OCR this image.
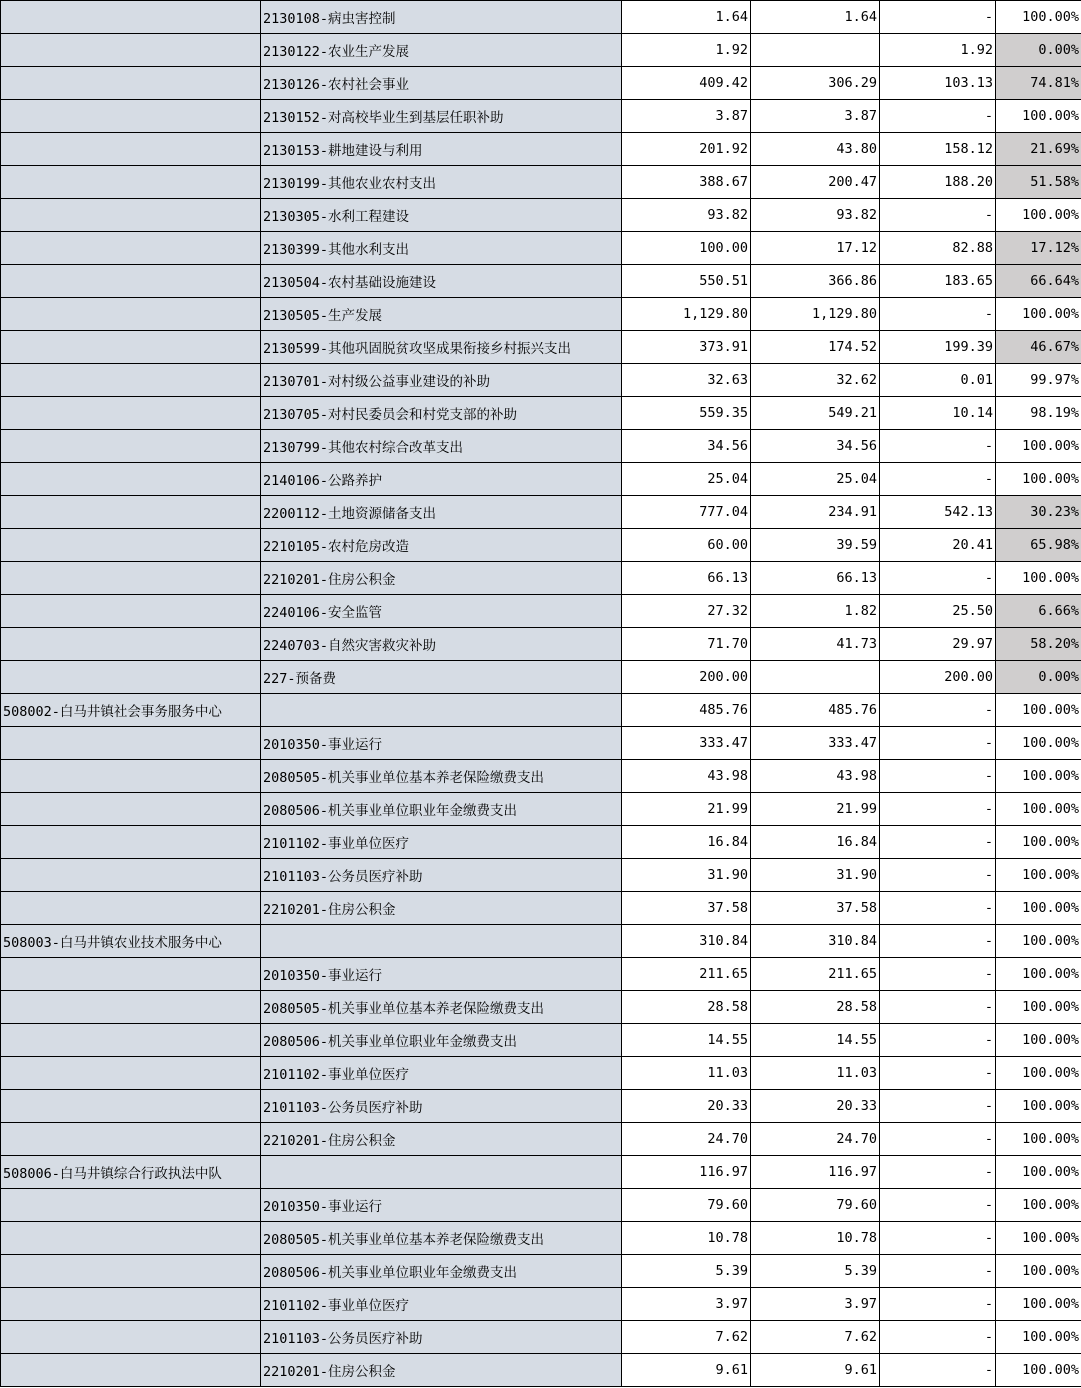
	2130108-病虫害控制	1.64	1.64	-	100.00%
	2130122-农业生产发展	1.92		1.92	0.00%
	2130126-农村社会事业	409.42	306.29	103.13	74.81%
	2130152-对高校毕业生到基层任职补助	3.87	3.87	-	100.00%
	2130153-耕地建设与利用	201.92	43.80	158.12	21.69%
	2130199-其他农业农村支出	388.67	200.47	188.20	51.58%
	2130305-水利工程建设	93.82	93.82	-	100.00%
	2130399-其他水利支出	100.00	17.12	82.88	17.12%
	2130504-农村基础设施建设	550.51	366.86	183.65	66.64%
	2130505-生产发展	1,129.80	1,129.80	-	100.00%
	2130599-其他巩固脱贫攻坚成果衔接乡村振兴支出	373.91	174.52	199.39	46.67%
	2130701-对村级公益事业建设的补助	32.63	32.62	0.01	99.97%
	2130705-对村民委员会和村党支部的补助	559.35	549.21	10.14	98.19%
	2130799-其他农村综合改革支出	34.56	34.56	-	100.00%
	2140106-公路养护	25.04	25.04	-	100.00%
	2200112-土地资源储备支出	777.04	234.91	542.13	30.23%
	2210105-农村危房改造	60.00	39.59	20.41	65.98%
	2210201-住房公积金	66.13	66.13	-	100.00%
	2240106-安全监管	27.32	1.82	25.50	6.66%
	2240703-自然灾害救灾补助	71.70	41.73	29.97	58.20%
	227-预备费	200.00		200.00	0.00%
508002-白马井镇社会事务服务中心		485.76	485.76	-	100.00%
	2010350-事业运行	333.47	333.47	-	100.00%
	2080505-机关事业单位基本养老保险缴费支出	43.98	43.98	-	100.00%
	2080506-机关事业单位职业年金缴费支出	21.99	21.99	-	100.00%
	2101102-事业单位医疗	16.84	16.84	-	100.00%
	2101103-公务员医疗补助	31.90	31.90	-	100.00%
	2210201-住房公积金	37.58	37.58	-	100.00%
508003-白马井镇农业技术服务中心		310.84	310.84	-	100.00%
	2010350-事业运行	211.65	211.65	-	100.00%
	2080505-机关事业单位基本养老保险缴费支出	28.58	28.58	-	100.00%
	2080506-机关事业单位职业年金缴费支出	14.55	14.55	-	100.00%
	2101102-事业单位医疗	11.03	11.03	-	100.00%
	2101103-公务员医疗补助	20.33	20.33	-	100.00%
	2210201-住房公积金	24.70	24.70	-	100.00%
508006-白马井镇综合行政执法中队		116.97	116.97	-	100.00%
	2010350-事业运行	79.60	79.60	-	100.00%
	2080505-机关事业单位基本养老保险缴费支出	10.78	10.78	-	100.00%
	2080506-机关事业单位职业年金缴费支出	5.39	5.39	-	100.00%
	2101102-事业单位医疗	3.97	3.97	-	100.00%
	2101103-公务员医疗补助	7.62	7.62	-	100.00%
	2210201-住房公积金	9.61	9.61	-	100.00%
